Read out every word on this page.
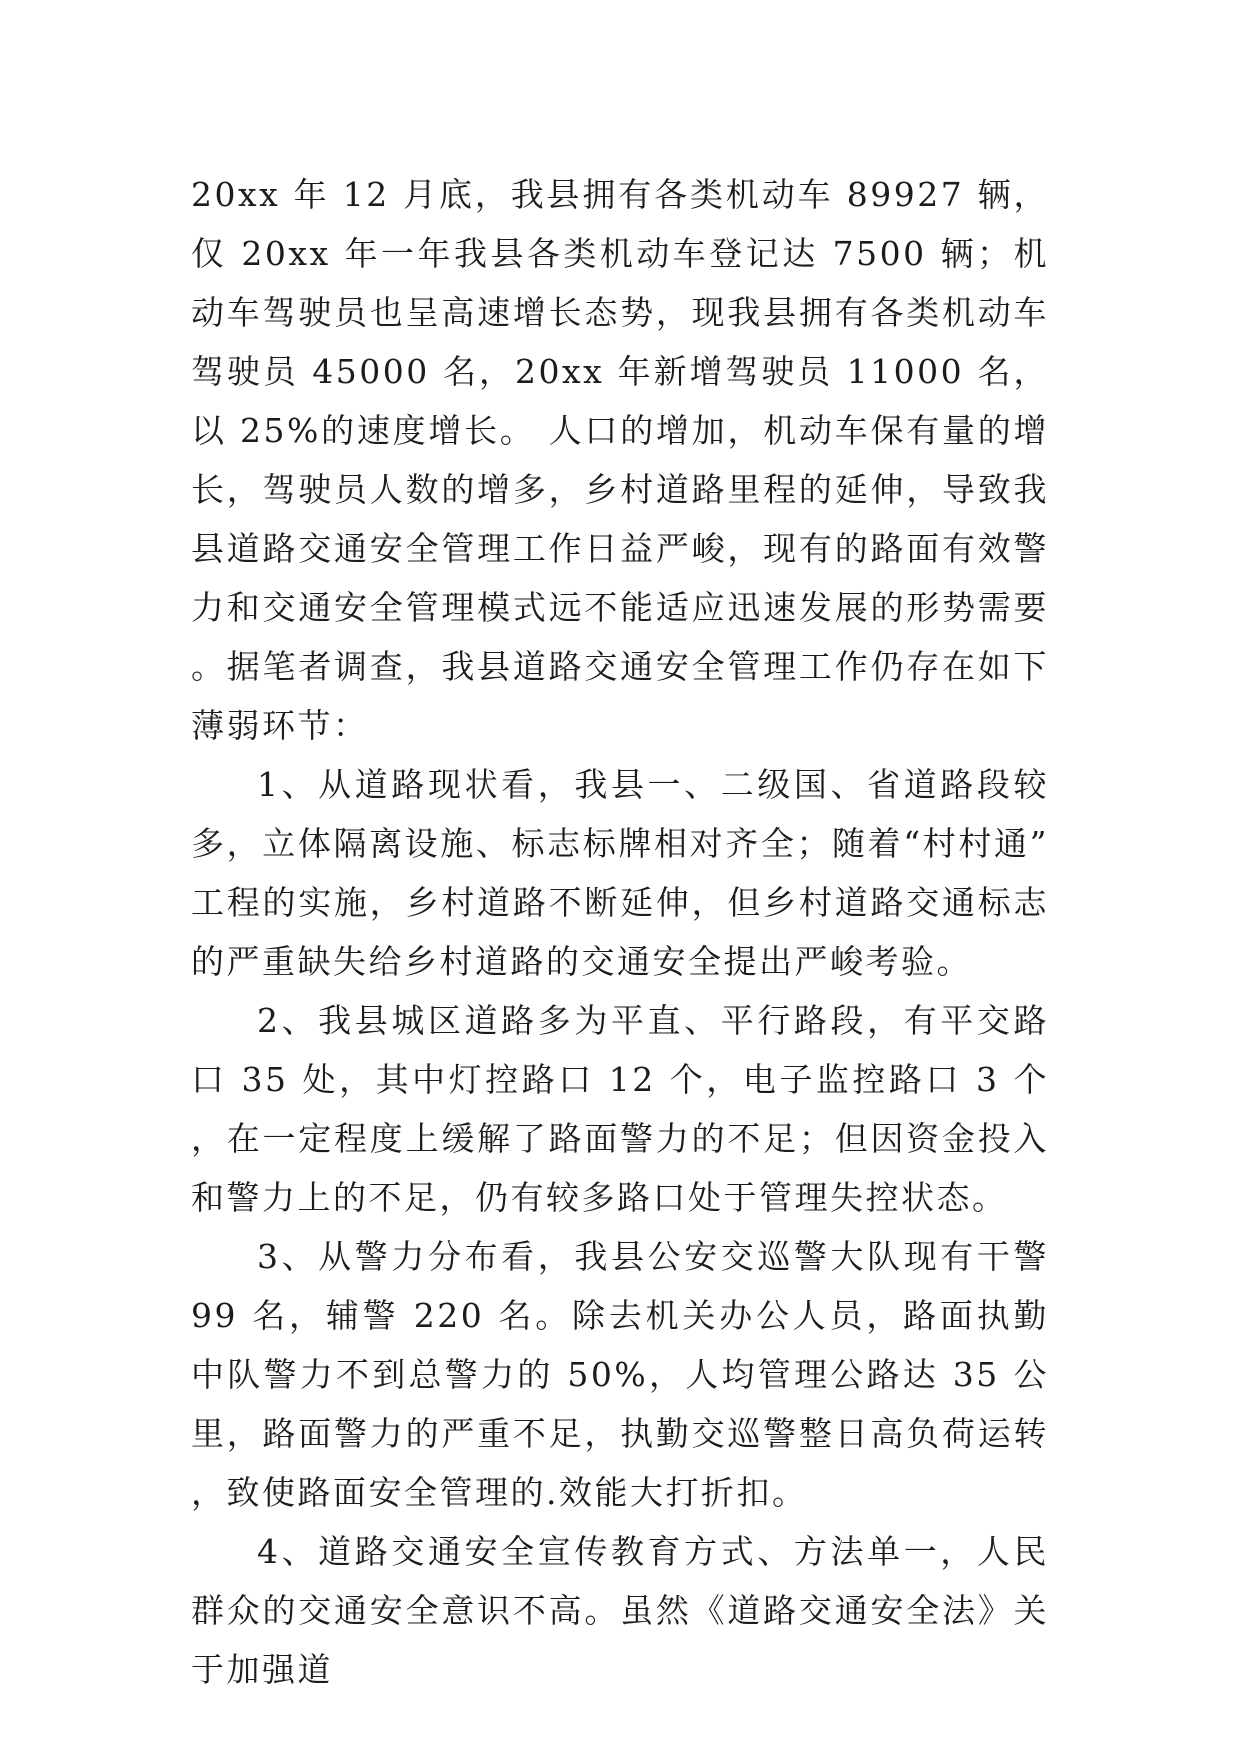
20xx 年 12 月底，我县拥有各类机动车 89927 辆，仅 20xx 年一年我县各类机动车登记达 7500 辆；机动车驾驶员也呈高速增长态势，现我县拥有各类机动车驾驶员 45000 名，20xx 年新增驾驶员 11000 名，以 25%的速度增长。 人口的增加，机动车保有量的增长，驾驶员人数的增多，乡村道路里程的延伸，导致我县道路交通安全管理工作日益严峻，现有的路面有效警力和交通安全管理模式远不能适应迅速发展的形势需要。据笔者调查，我县道路交通安全管理工作仍存在如下薄弱环节：

1、从道路现状看，我县一、二级国、省道路段较多，立体隔离设施、标志标牌相对齐全；随着“村村通”工程的实施，乡村道路不断延伸，但乡村道路交通标志的严重缺失给乡村道路的交通安全提出严峻考验。

2、我县城区道路多为平直、平行路段，有平交路口 35 处，其中灯控路口 12 个，电子监控路口 3 个，在一定程度上缓解了路面警力的不足；但因资金投入和警力上的不足，仍有较多路口处于管理失控状态。

3、从警力分布看，我县公安交巡警大队现有干警 99 名，辅警 220 名。除去机关办公人员，路面执勤中队警力不到总警力的 50%，人均管理公路达 35 公里，路面警力的严重不足，执勤交巡警整日高负荷运转，致使路面安全管理的.效能大打折扣。

4、道路交通安全宣传教育方式、方法单一，人民群众的交通安全意识不高。虽然《道路交通安全法》关于加强道
